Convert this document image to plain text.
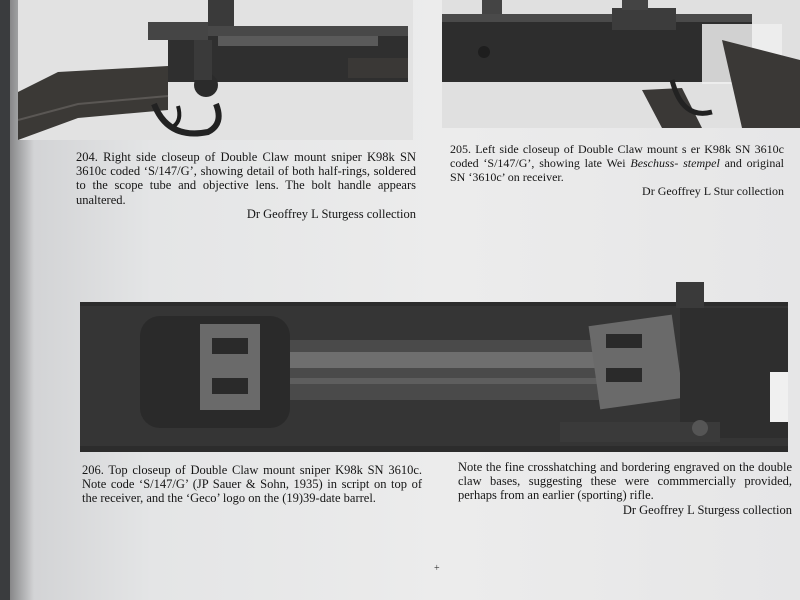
204. Right side closeup of Double Claw mount sniper K98k SN 3610c coded ‘S/147/G’, showing detail of both half-rings, soldered to the scope tube and objective lens. The bolt handle appears unaltered.
Dr Geoffrey L Sturgess collection
205. Left side closeup of Double Claw mount s er K98k SN 3610c coded ‘S/147/G’, showing late Wei Beschuss- stempel and original SN ‘3610c’ on receiver.
Dr Geoffrey L Stur collection
206. Top closeup of Double Claw mount sniper K98k SN 3610c. Note code ‘S/147/G’ (JP Sauer & Sohn, 1935) in script on top of the receiver, and the ‘Geco’ logo on the (19)39-date barrel.
Note the fine crosshatching and bordering engraved on the double claw bases, suggesting these were commmercially provided, perhaps from an earlier (sporting) rifle.
Dr Geoffrey L Sturgess collection
+
